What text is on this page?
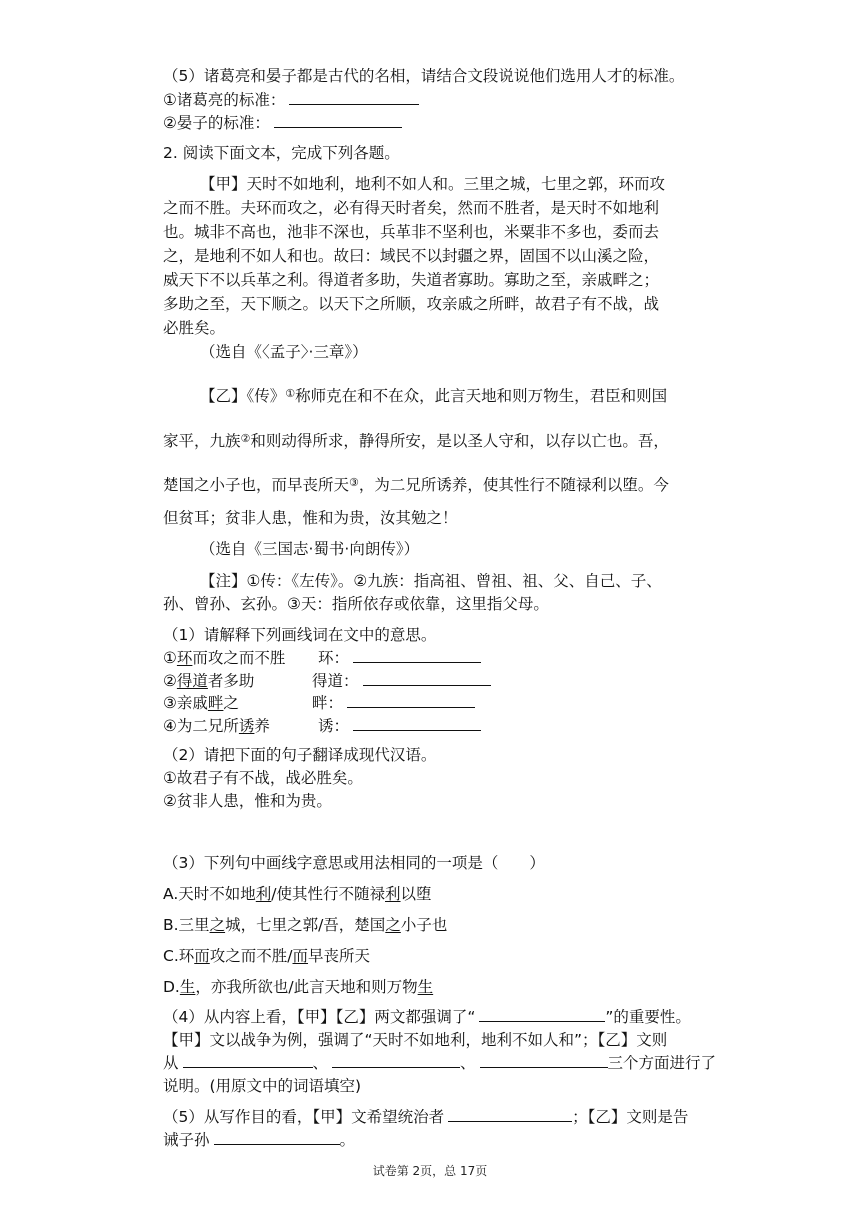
（5）诸葛亮和晏子都是古代的名相，请结合文段说说他们选用人才的标准。
①诸葛亮的标准：
②晏子的标准：
2. 阅读下面文本，完成下列各题。
【甲】天时不如地利，地利不如人和。三里之城，七里之郭，环而攻
之而不胜。夫环而攻之，必有得天时者矣，然而不胜者，是天时不如地利
也。城非不高也，池非不深也，兵革非不坚利也，米粟非不多也，委而去
之，是地利不如人和也。故曰：域民不以封疆之界，固国不以山溪之险，
威天下不以兵革之利。得道者多助，失道者寡助。寡助之至，亲戚畔之；
多助之至，天下顺之。以天下之所顺，攻亲戚之所畔，故君子有不战，战
必胜矣。
（选自《〈孟子〉·三章》）
【乙】《传》①称师克在和不在众，此言天地和则万物生，君臣和则国
家平，九族②和则动得所求，静得所安，是以圣人守和，以存以亡也。吾，
楚国之小子也，而早丧所天③，为二兄所诱养，使其性行不随禄利以堕。今
但贫耳；贫非人患，惟和为贵，汝其勉之！
（选自《三国志·蜀书·向朗传》）
【注】①传：《左传》。②九族：指高祖、曾祖、祖、父、自己、子、
孙、曾孙、玄孙。③天：指所依存或依靠，这里指父母。
（1）请解释下列画线词在文中的意思。
①环而攻之而不胜 环：
②得道者多助	得道：
③亲戚畔之	畔：
④为二兄所诱养	诱：
（2）请把下面的句子翻译成现代汉语。
①故君子有不战，战必胜矣。
②贫非人患，惟和为贵。
（3）下列句中画线字意思或用法相同的一项是（　　）
A.天时不如地利/使其性行不随禄利以堕
B.三里之城，七里之郭/吾，楚国之小子也
C.环而攻之而不胜/而早丧所天
D.生，亦我所欲也/此言天地和则万物生
（4）从内容上看，【甲】【乙】两文都强调了“	”的重要性。
【甲】文以战争为例，强调了“天时不如地利，地利不如人和”；【乙】文则
从	、	、	三个方面进行了
说明。(用原文中的词语填空)
（5）从写作目的看，【甲】文希望统治者	；【乙】文则是告
诫子孙	。
试卷第 2页，总 17页
